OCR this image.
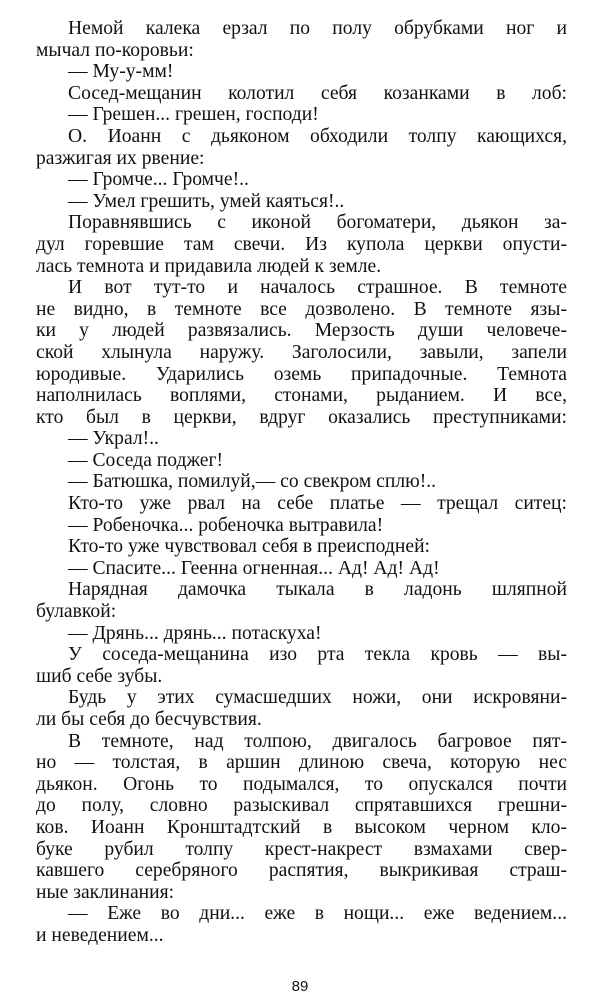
Немой калека ерзал по полу обрубками ног и
мычал по-коровьи:
— Му-у-мм!
Сосед-мещанин колотил себя козанками в лоб:
— Грешен... грешен, господи!
О. Иоанн с дьяконом обходили толпу кающихся,
разжигая их рвение:
— Громче... Громче!..
— Умел грешить, умей каяться!..
Поравнявшись с иконой богоматери, дьякон за-
дул горевшие там свечи. Из купола церкви опусти-
лась темнота и придавила людей к земле.
И вот тут-то и началось страшное. В темноте
не видно, в темноте все дозволено. В темноте язы-
ки у людей развязались. Мерзость души человече-
ской хлынула наружу. Заголосили, завыли, запели
юродивые. Ударились оземь припадочные. Темнота
наполнилась воплями, стонами, рыданием. И все,
кто был в церкви, вдруг оказались преступниками:
— Украл!..
— Соседа поджег!
— Батюшка, помилуй,— со свекром сплю!..
Кто-то уже рвал на себе платье — трещал ситец:
— Робеночка... робеночка вытравила!
Кто-то уже чувствовал себя в преисподней:
— Спасите... Геенна огненная... Ад! Ад! Ад!
Нарядная дамочка тыкала в ладонь шляпной
булавкой:
— Дрянь... дрянь... потаскуха!
У соседа-мещанина изо рта текла кровь — вы-
шиб себе зубы.
Будь у этих сумасшедших ножи, они искровяни-
ли бы себя до бесчувствия.
В темноте, над толпою, двигалось багровое пят-
но — толстая, в аршин длиною свеча, которую нес
дьякон. Огонь то подымался, то опускался почти
до полу, словно разыскивал спрятавшихся грешни-
ков. Иоанн Кронштадтский в высоком черном кло-
буке рубил толпу крест-накрест взмахами свер-
кавшего серебряного распятия, выкрикивая страш-
ные заклинания:
— Еже во дни... еже в нощи... еже ведением...
и неведением...
89
